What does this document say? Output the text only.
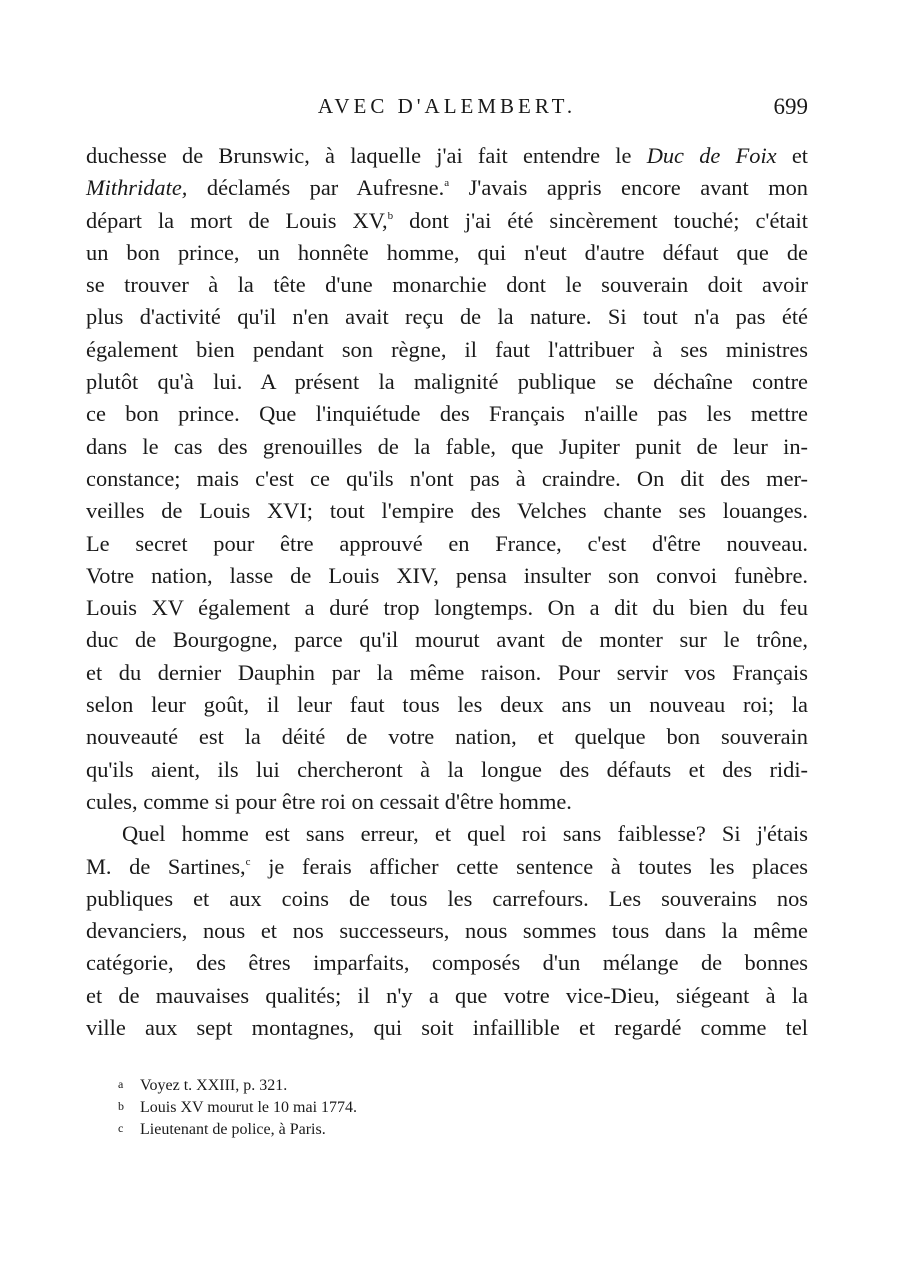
AVEC D'ALEMBERT.	699
duchesse de Brunswic, à laquelle j'ai fait entendre le Duc de Foix et
Mithridate, déclamés par Aufresne.$^a$ J'avais appris encore avant mon
départ la mort de Louis XV,$^b$ dont j'ai été sincèrement touché; c'était
un bon prince, un honnête homme, qui n'eut d'autre défaut que de
se trouver à la tête d'une monarchie dont le souverain doit avoir
plus d'activité qu'il n'en avait reçu de la nature. Si tout n'a pas été
également bien pendant son règne, il faut l'attribuer à ses ministres
plutôt qu'à lui. A présent la malignité publique se déchaîne contre
ce bon prince. Que l'inquiétude des Français n'aille pas les mettre
dans le cas des grenouilles de la fable, que Jupiter punit de leur in-
constance; mais c'est ce qu'ils n'ont pas à craindre. On dit des mer-
veilles de Louis XVI; tout l'empire des Velches chante ses louanges.
Le secret pour être approuvé en France, c'est d'être nouveau.
Votre nation, lasse de Louis XIV, pensa insulter son convoi funèbre.
Louis XV également a duré trop longtemps. On a dit du bien du feu
duc de Bourgogne, parce qu'il mourut avant de monter sur le trône,
et du dernier Dauphin par la même raison. Pour servir vos Français
selon leur goût, il leur faut tous les deux ans un nouveau roi; la
nouveauté est la déité de votre nation, et quelque bon souverain
qu'ils aient, ils lui chercheront à la longue des défauts et des ridi-
cules, comme si pour être roi on cessait d'être homme.
Quel homme est sans erreur, et quel roi sans faiblesse? Si j'étais
M. de Sartines,$^c$ je ferais afficher cette sentence à toutes les places
publiques et aux coins de tous les carrefours. Les souverains nos
devanciers, nous et nos successeurs, nous sommes tous dans la même
catégorie, des êtres imparfaits, composés d'un mélange de bonnes
et de mauvaises qualités; il n'y a que votre vice-Dieu, siégeant à la
ville aux sept montagnes, qui soit infaillible et regardé comme tel
a Voyez t. XXIII, p. 321.
b Louis XV mourut le 10 mai 1774.
c Lieutenant de police, à Paris.
